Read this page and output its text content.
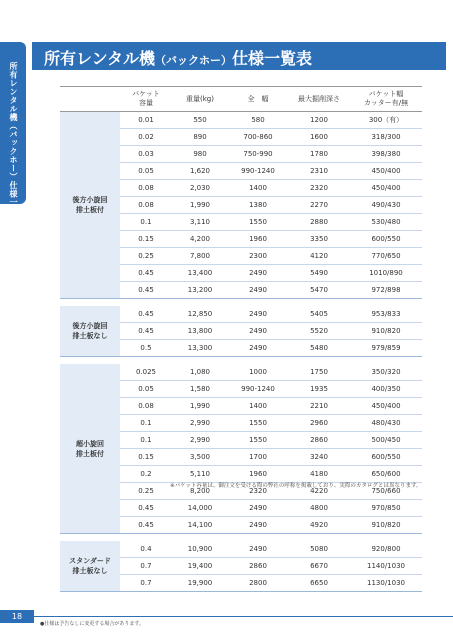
所有レンタル機（バックホー）仕様一覧表
所有レンタル機（バックホー）仕様一覧表
	バケット
容量	重量(kg)	全　幅	最大掘削深さ	バケット幅
カッター有/無
後方小旋回
排土板付	0.01	550	580	1200	300（有）
	0.02	890	700-860	1600	318/300
	0.03	980	750-990	1780	398/380
	0.05	1,620	990-1240	2310	450/400
	0.08	2,030	1400	2320	450/400
	0.08	1,990	1380	2270	490/430
	0.1	3,110	1550	2880	530/480
	0.15	4,200	1960	3350	600/550
	0.25	7,800	2300	4120	770/650
	0.45	13,400	2490	5490	1010/890
	0.45	13,200	2490	5470	972/898

後方小旋回
排土板なし	0.45	12,850	2490	5405	953/833
	0.45	13,800	2490	5520	910/820
	0.5	13,300	2490	5480	979/859

超小旋回
排土板付	0.025	1,080	1000	1750	350/320
	0.05	1,580	990-1240	1935	400/350
	0.08	1,990	1400	2210	450/400
	0.1	2,990	1550	2960	480/430
	0.1	2,990	1550	2860	500/450
	0.15	3,500	1700	3240	600/550
	0.2	5,110	1960	4180	650/600
	0.25	8,200	2320	4220	750/660
	0.45	14,000	2490	4800	970/850
	0.45	14,100	2490	4920	910/820

スタンダード
排土板なし	0.4	10,900	2490	5080	920/800
	0.7	19,400	2860	6670	1140/1030
	0.7	19,900	2800	6650	1130/1030
※バケット容量は、御注文を受ける際の弊社の呼称を掲載しており、実際のカタログとは異なります。
18
●仕様は予告なしに変更する場合があります。
